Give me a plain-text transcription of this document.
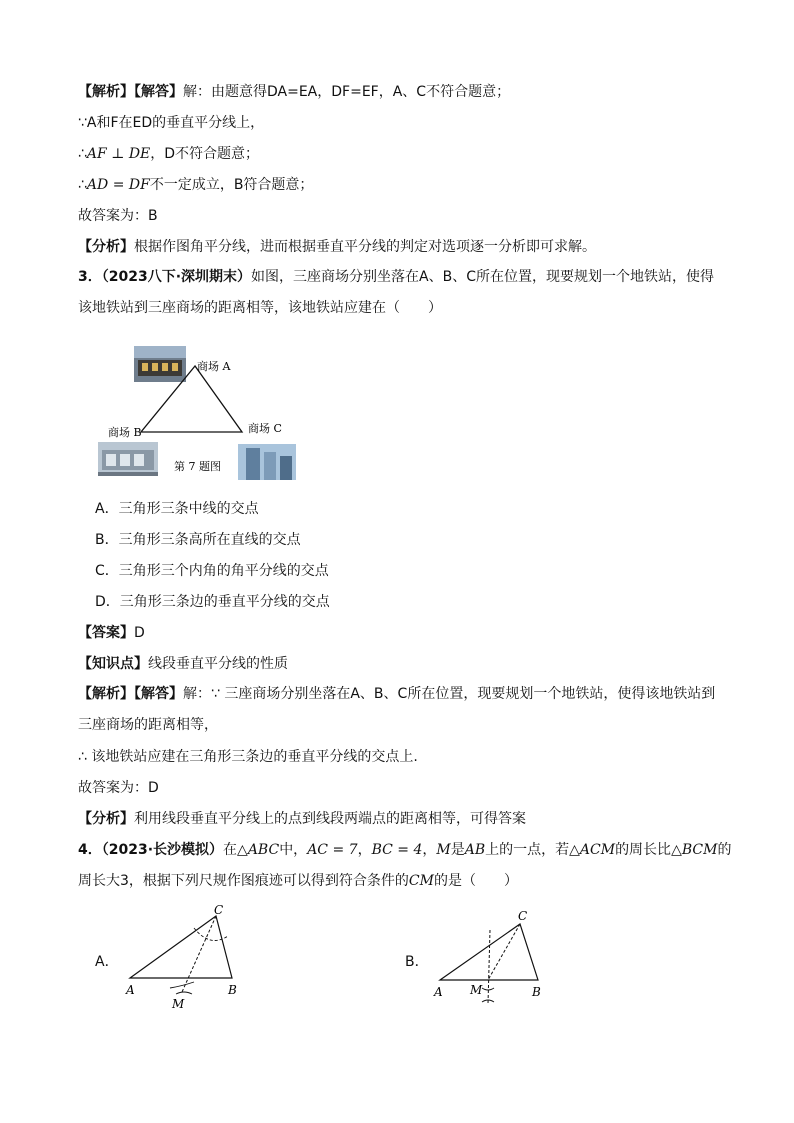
【解析】【解答】解：由题意得DA=EA，DF=EF，A、C不符合题意；
∵A和F在ED的垂直平分线上，
∴AF ⊥ DE，D不符合题意；
∴AD = DF不一定成立，B符合题意；
故答案为：B
【分析】根据作图角平分线，进而根据垂直平分线的判定对选项逐一分析即可求解。
3．（2023八下·深圳期末）如图，三座商场分别坐落在A、B、C所在位置，现要规划一个地铁站，使得该地铁站到三座商场的距离相等，该地铁站应建在（　　）
商场 A
商场 B	商场 C
第 7 题图
A．三角形三条中线的交点
B．三角形三条高所在直线的交点
C．三角形三个内角的角平分线的交点
D．三角形三条边的垂直平分线的交点
【答案】D
【知识点】线段垂直平分线的性质
【解析】【解答】解：∵ 三座商场分别坐落在A、B、C所在位置，现要规划一个地铁站，使得该地铁站到三座商场的距离相等，
∴ 该地铁站应建在三角形三条边的垂直平分线的交点上.
故答案为：D
【分析】利用线段垂直平分线上的点到线段两端点的距离相等，可得答案
4．（2023·长沙模拟）在△ABC中，AC = 7，BC = 4，M是AB上的一点，若△ACM的周长比△BCM的
周长大3，根据下列尺规作图痕迹可以得到符合条件的CM的是（　　）
A．
C
A	B
M
B．
C
A	B
M
